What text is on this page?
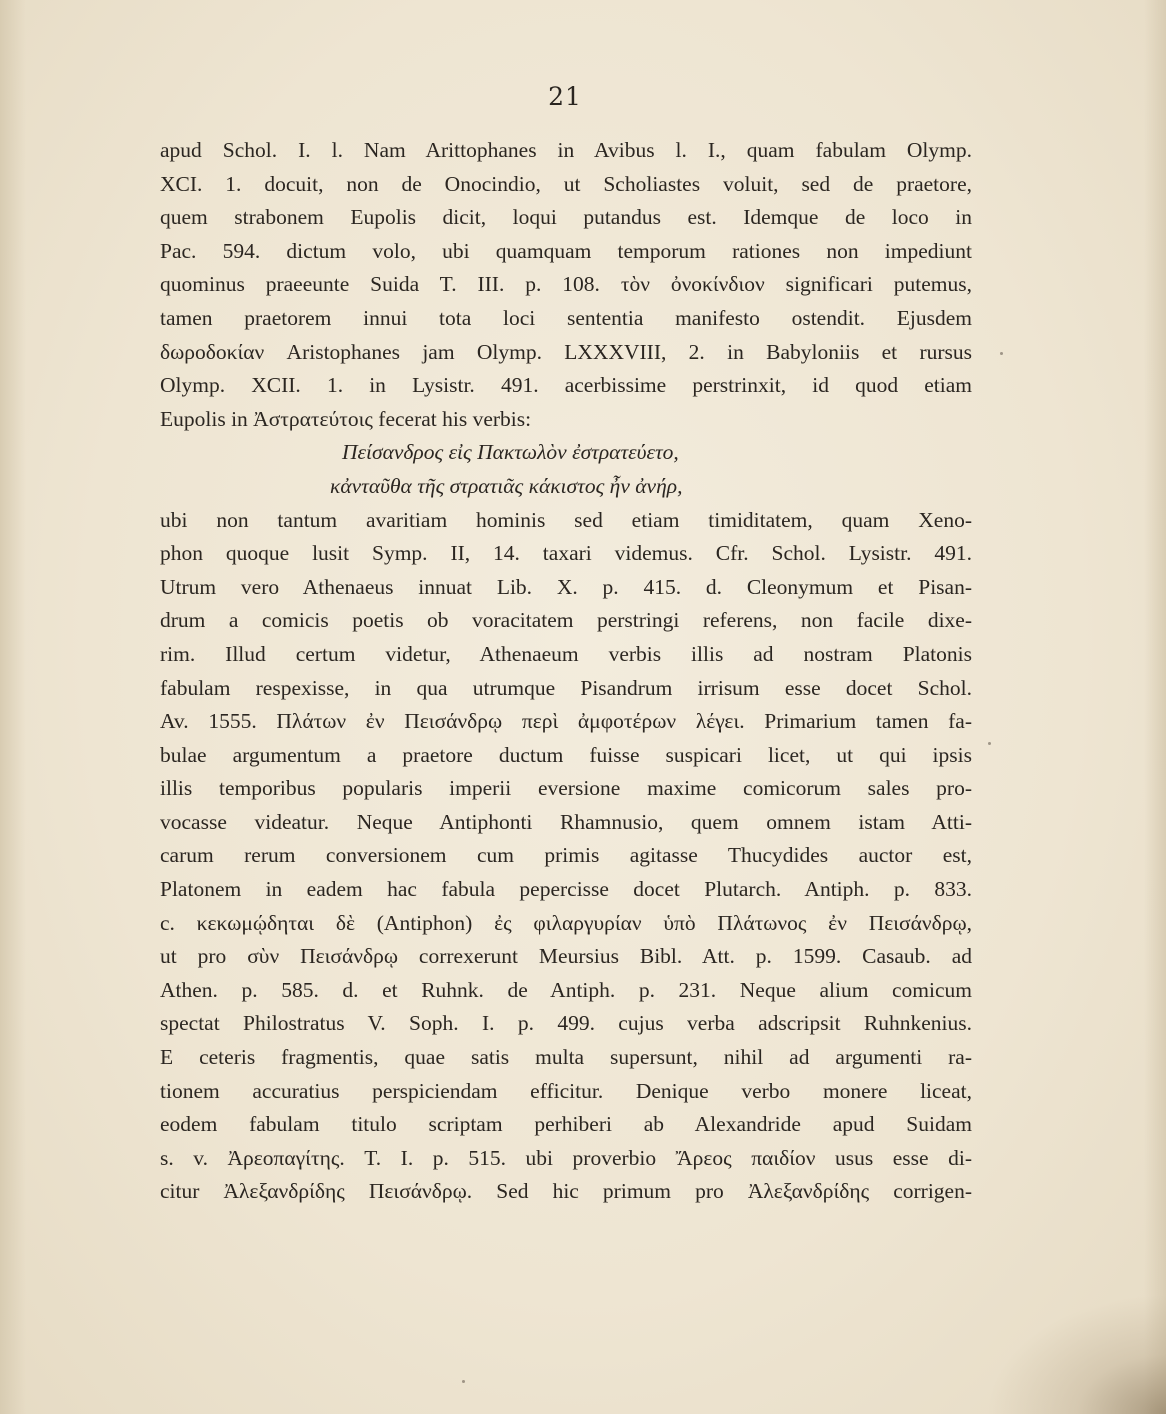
21
apud Schol. I. l. Nam Arittophanes in Avibus l. I., quam fabulam Olymp.
XCI. 1. docuit, non de Onocindio, ut Scholiastes voluit, sed de praetore,
quem strabonem Eupolis dicit, loqui putandus est. Idemque de loco in
Pac. 594. dictum volo, ubi quamquam temporum rationes non impediunt
quominus praeeunte Suida T. III. p. 108. τὸν ὀνοκίνδιον significari putemus,
tamen praetorem innui tota loci sententia manifesto ostendit. Ejusdem
δωροδοκίαν Aristophanes jam Olymp. LXXXVIII, 2. in Babyloniis et rursus
Olymp. XCII. 1. in Lysistr. 491. acerbissime perstrinxit, id quod etiam
Eupolis in Ἀστρατεύτοις fecerat his verbis:
Πείσανδρος εἰς Πακτωλὸν ἐστρατεύετο,
κἀνταῦθα τῆς στρατιᾶς κάκιστος ἦν ἀνήρ,
ubi non tantum avaritiam hominis sed etiam timiditatem, quam Xeno-
phon quoque lusit Symp. II, 14. taxari videmus. Cfr. Schol. Lysistr. 491.
Utrum vero Athenaeus innuat Lib. X. p. 415. d. Cleonymum et Pisan-
drum a comicis poetis ob voracitatem perstringi referens, non facile dixe-
rim. Illud certum videtur, Athenaeum verbis illis ad nostram Platonis
fabulam respexisse, in qua utrumque Pisandrum irrisum esse docet Schol.
Av. 1555. Πλάτων ἐν Πεισάνδρῳ περὶ ἀμφοτέρων λέγει. Primarium tamen fa-
bulae argumentum a praetore ductum fuisse suspicari licet, ut qui ipsis
illis temporibus popularis imperii eversione maxime comicorum sales pro-
vocasse videatur. Neque Antiphonti Rhamnusio, quem omnem istam Atti-
carum rerum conversionem cum primis agitasse Thucydides auctor est,
Platonem in eadem hac fabula pepercisse docet Plutarch. Antiph. p. 833.
c. κεκωμῴδηται δὲ (Antiphon) ἐς φιλαργυρίαν ὑπὸ Πλάτωνος ἐν Πεισάνδρῳ,
ut pro σὺν Πεισάνδρῳ correxerunt Meursius Bibl. Att. p. 1599. Casaub. ad
Athen. p. 585. d. et Ruhnk. de Antiph. p. 231. Neque alium comicum
spectat Philostratus V. Soph. I. p. 499. cujus verba adscripsit Ruhnkenius.
E ceteris fragmentis, quae satis multa supersunt, nihil ad argumenti ra-
tionem accuratius perspiciendam efficitur. Denique verbo monere liceat,
eodem fabulam titulo scriptam perhiberi ab Alexandride apud Suidam
s. v. Ἀρεοπαγίτης. T. I. p. 515. ubi proverbio Ἄρεος παιδίον usus esse di-
citur Ἀλεξανδρίδης Πεισάνδρῳ. Sed hic primum pro Ἀλεξανδρίδης corrigen-
